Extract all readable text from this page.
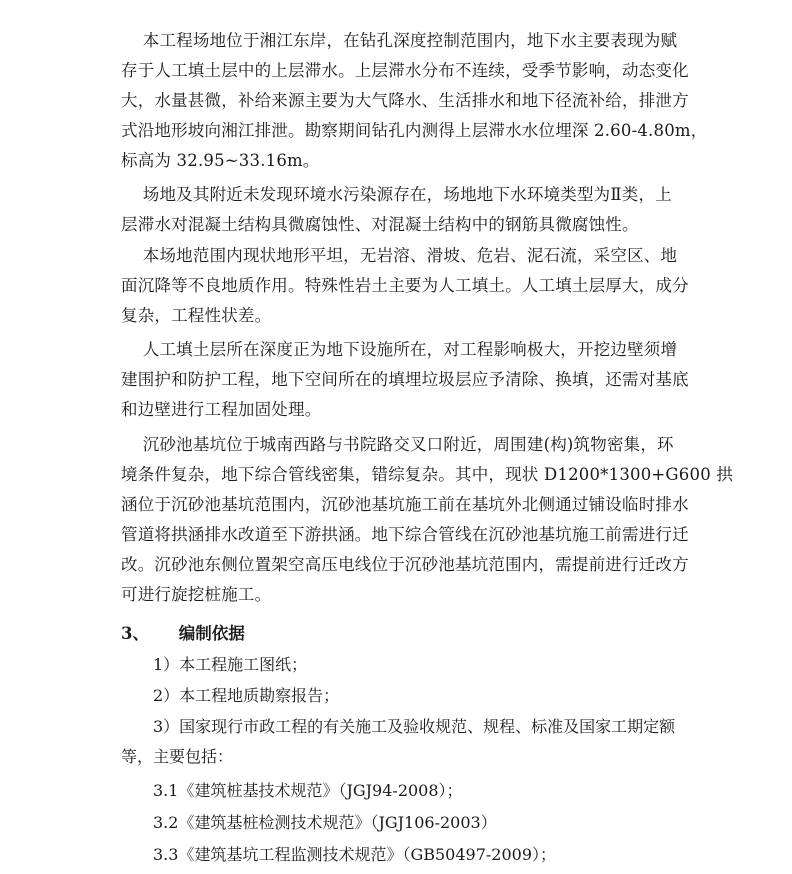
本工程场地位于湘江东岸，在钻孔深度控制范围内，地下水主要表现为赋
存于人工填土层中的上层滞水。上层滞水分布不连续，受季节影响，动态变化
大，水量甚微，补给来源主要为大气降水、生活排水和地下径流补给，排泄方
式沿地形坡向湘江排泄。勘察期间钻孔内测得上层滞水水位埋深 2.60-4.80m，
标高为 32.95~33.16m。
场地及其附近未发现环境水污染源存在，场地地下水环境类型为Ⅱ类，上
层滞水对混凝土结构具微腐蚀性、对混凝土结构中的钢筋具微腐蚀性。
本场地范围内现状地形平坦，无岩溶、滑坡、危岩、泥石流，采空区、地
面沉降等不良地质作用。特殊性岩土主要为人工填土。人工填土层厚大，成分
复杂，工程性状差。
人工填土层所在深度正为地下设施所在，对工程影响极大，开挖边壁须增
建围护和防护工程，地下空间所在的填埋垃圾层应予清除、换填，还需对基底
和边壁进行工程加固处理。
沉砂池基坑位于城南西路与书院路交叉口附近，周围建(构)筑物密集，环
境条件复杂，地下综合管线密集，错综复杂。其中，现状 D1200*1300+G600 拱
涵位于沉砂池基坑范围内，沉砂池基坑施工前在基坑外北侧通过铺设临时排水
管道将拱涵排水改道至下游拱涵。地下综合管线在沉砂池基坑施工前需进行迁
改。沉砂池东侧位置架空高压电线位于沉砂池基坑范围内，需提前进行迁改方
可进行旋挖桩施工。
3、 编制依据
1）本工程施工图纸；
2）本工程地质勘察报告；
3）国家现行市政工程的有关施工及验收规范、规程、标准及国家工期定额
等，主要包括：
3.1《建筑桩基技术规范》（JGJ94-2008）；
3.2《建筑基桩检测技术规范》（JGJ106-2003）
3.3《建筑基坑工程监测技术规范》（GB50497-2009）；
